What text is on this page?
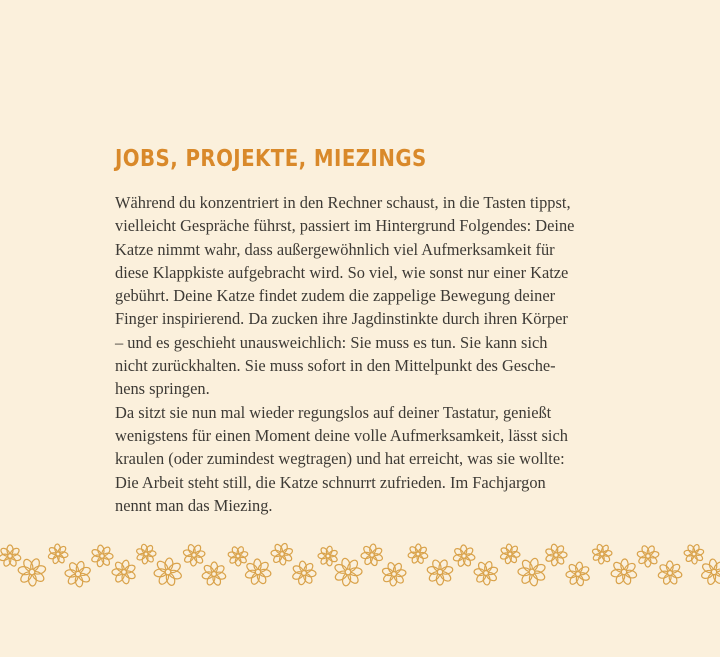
JOBS, PROJEKTE, MIEZINGS
Während du konzentriert in den Rechner schaust, in die Tasten tippst,
vielleicht Gespräche führst, passiert im Hintergrund Folgendes: Deine
Katze nimmt wahr, dass außergewöhnlich viel Aufmerksamkeit für
diese Klappkiste aufgebracht wird. So viel, wie sonst nur einer Katze
gebührt. Deine Katze findet zudem die zappelige Bewegung deiner
Finger inspirierend. Da zucken ihre Jagdinstinkte durch ihren Körper
– und es geschieht unausweichlich: Sie muss es tun. Sie kann sich
nicht zurückhalten. Sie muss sofort in den Mittelpunkt des Gesche-
hens springen.
Da sitzt sie nun mal wieder regungslos auf deiner Tastatur, genießt
wenigstens für einen Moment deine volle Aufmerksamkeit, lässt sich
kraulen (oder zumindest wegtragen) und hat erreicht, was sie wollte:
Die Arbeit steht still, die Katze schnurrt zufrieden. Im Fachjargon
nennt man das Miezing.
